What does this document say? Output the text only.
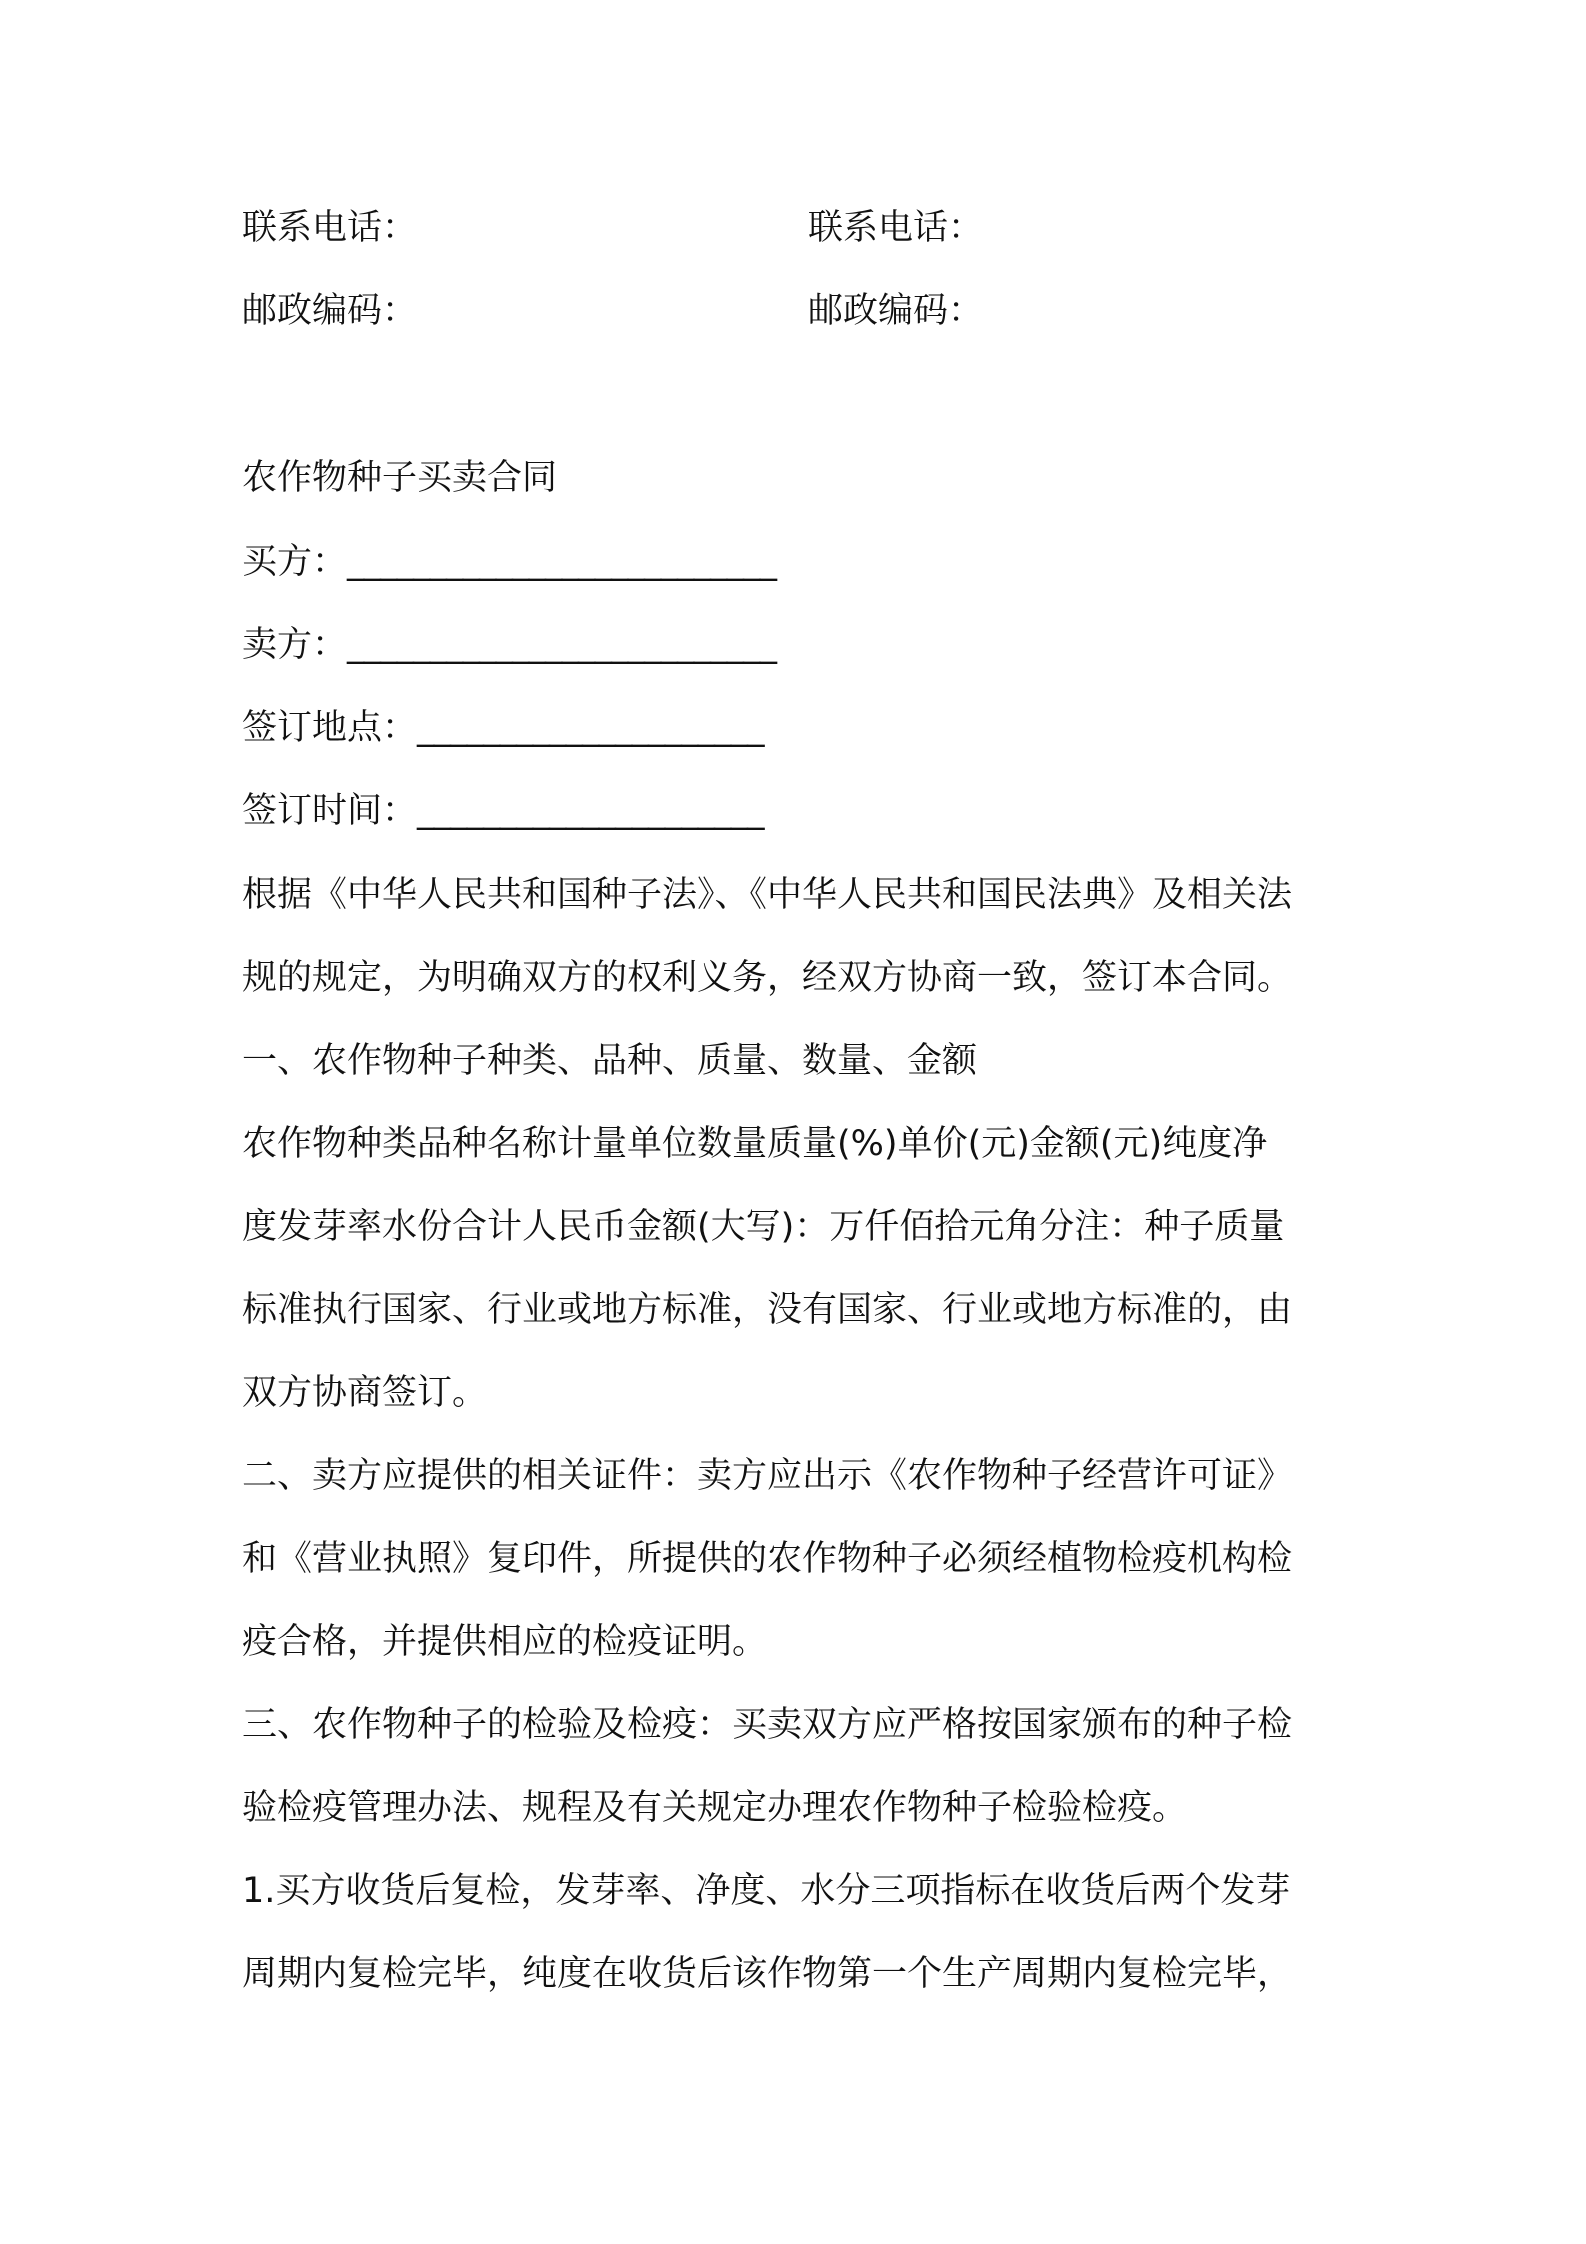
联系电话：	联系电话：
邮政编码：	邮政编码：
农作物种子买卖合同
买方：__________________________
卖方：__________________________
签订地点：_____________________
签订时间：_____________________
根据《中华人民共和国种子法》、《中华人民共和国民法典》及相关法
规的规定，为明确双方的权利义务，经双方协商一致，签订本合同。
一、农作物种子种类、品种、质量、数量、金额
农作物种类品种名称计量单位数量质量(%)单价(元)金额(元)纯度净
度发芽率水份合计人民币金额(大写)：万仟佰拾元角分注：种子质量
标准执行国家、行业或地方标准，没有国家、行业或地方标准的，由
双方协商签订。
二、卖方应提供的相关证件：卖方应出示《农作物种子经营许可证》
和《营业执照》复印件，所提供的农作物种子必须经植物检疫机构检
疫合格，并提供相应的检疫证明。
三、农作物种子的检验及检疫：买卖双方应严格按国家颁布的种子检
验检疫管理办法、规程及有关规定办理农作物种子检验检疫。
1.买方收货后复检，发芽率、净度、水分三项指标在收货后两个发芽
周期内复检完毕，纯度在收货后该作物第一个生产周期内复检完毕，
